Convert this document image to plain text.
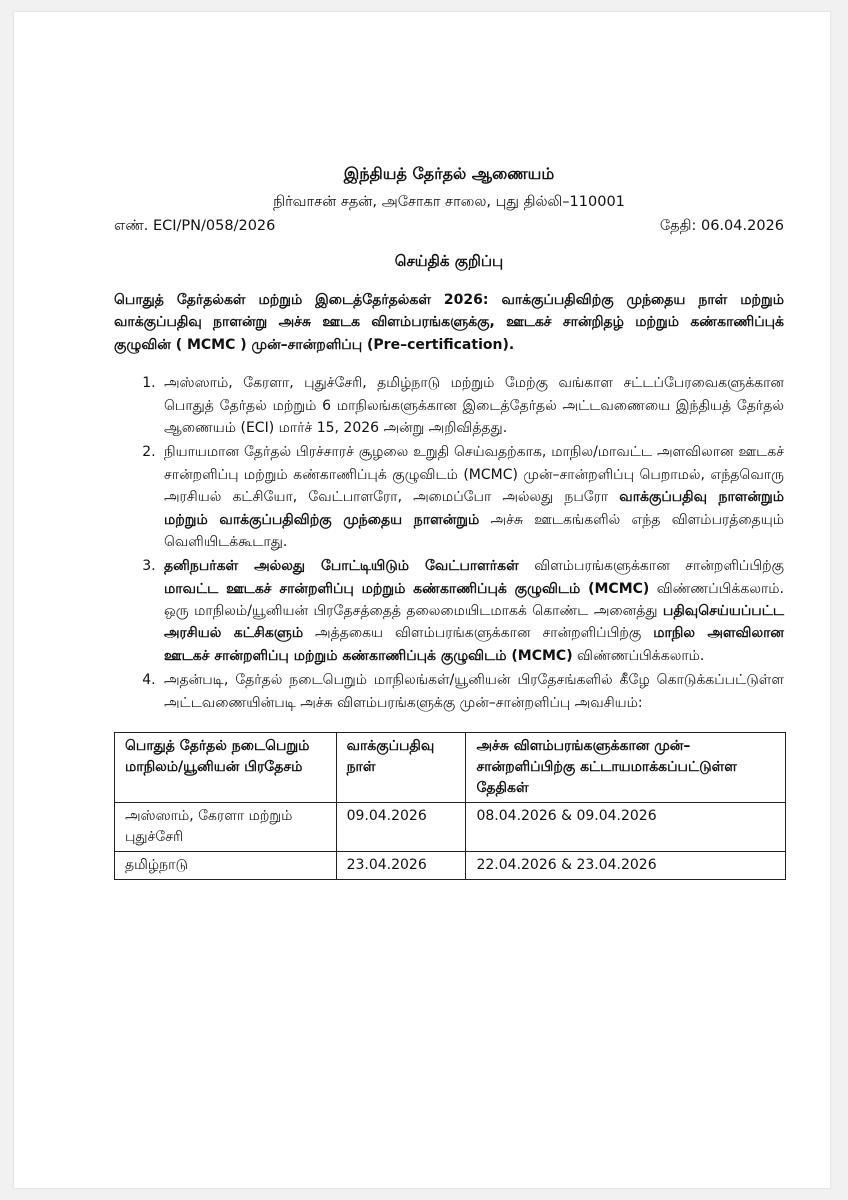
இந்தியத் தேர்தல் ஆணையம்

நிர்வாசன் சதன், அசோகா சாலை, புது தில்லி–110001

எண். ECI/PN/058/2026	தேதி: 06.04.2026
செய்திக் குறிப்பு
பொதுத் தேர்தல்கள் மற்றும் இடைத்தேர்தல்கள் 2026: வாக்குப்பதிவிற்கு முந்தைய நாள் மற்றும் வாக்குப்பதிவு நாளன்று அச்சு ஊடக விளம்பரங்களுக்கு, ஊடகச் சான்றிதழ் மற்றும் கண்காணிப்புக் குழுவின் ( MCMC ) முன்–சான்றளிப்பு (Pre–certification).
1. அஸ்ஸாம், கேரளா, புதுச்சேரி, தமிழ்நாடு மற்றும் மேற்கு வங்காள சட்டப்பேரவைகளுக்கான பொதுத் தேர்தல் மற்றும் 6 மாநிலங்களுக்கான இடைத்தேர்தல் அட்டவணையை இந்தியத் தேர்தல் ஆணையம் (ECI) மார்ச் 15, 2026 அன்று அறிவித்தது.
2. நியாயமான தேர்தல் பிரச்சாரச் சூழலை உறுதி செய்வதற்காக, மாநில/மாவட்ட அளவிலான ஊடகச் சான்றளிப்பு மற்றும் கண்காணிப்புக் குழுவிடம் (MCMC) முன்–சான்றளிப்பு பெறாமல், எந்தவொரு அரசியல் கட்சியோ, வேட்பாளரோ, அமைப்போ அல்லது நபரோ வாக்குப்பதிவு நாளன்றும் மற்றும் வாக்குப்பதிவிற்கு முந்தைய நாளன்றும் அச்சு ஊடகங்களில் எந்த விளம்பரத்தையும் வெளியிடக்கூடாது.
3. தனிநபர்கள் அல்லது போட்டியிடும் வேட்பாளர்கள் விளம்பரங்களுக்கான சான்றளிப்பிற்கு மாவட்ட ஊடகச் சான்றளிப்பு மற்றும் கண்காணிப்புக் குழுவிடம் (MCMC) விண்ணப்பிக்கலாம். ஒரு மாநிலம்/யூனியன் பிரதேசத்தைத் தலைமையிடமாகக் கொண்ட அனைத்து பதிவுசெய்யப்பட்ட அரசியல் கட்சிகளும் அத்தகைய விளம்பரங்களுக்கான சான்றளிப்பிற்கு மாநில அளவிலான ஊடகச் சான்றளிப்பு மற்றும் கண்காணிப்புக் குழுவிடம் (MCMC) விண்ணப்பிக்கலாம்.
4. அதன்படி, தேர்தல் நடைபெறும் மாநிலங்கள்/யூனியன் பிரதேசங்களில் கீழே கொடுக்கப்பட்டுள்ள அட்டவணையின்படி அச்சு விளம்பரங்களுக்கு முன்–சான்றளிப்பு அவசியம்:
பொதுத் தேர்தல் நடைபெறும் மாநிலம்/யூனியன் பிரதேசம்	வாக்குப்பதிவு நாள்	அச்சு விளம்பரங்களுக்கான முன்–சான்றளிப்பிற்கு கட்டாயமாக்கப்பட்டுள்ள தேதிகள்
அஸ்ஸாம், கேரளா மற்றும் புதுச்சேரி	09.04.2026	08.04.2026 & 09.04.2026
தமிழ்நாடு	23.04.2026	22.04.2026 & 23.04.2026
